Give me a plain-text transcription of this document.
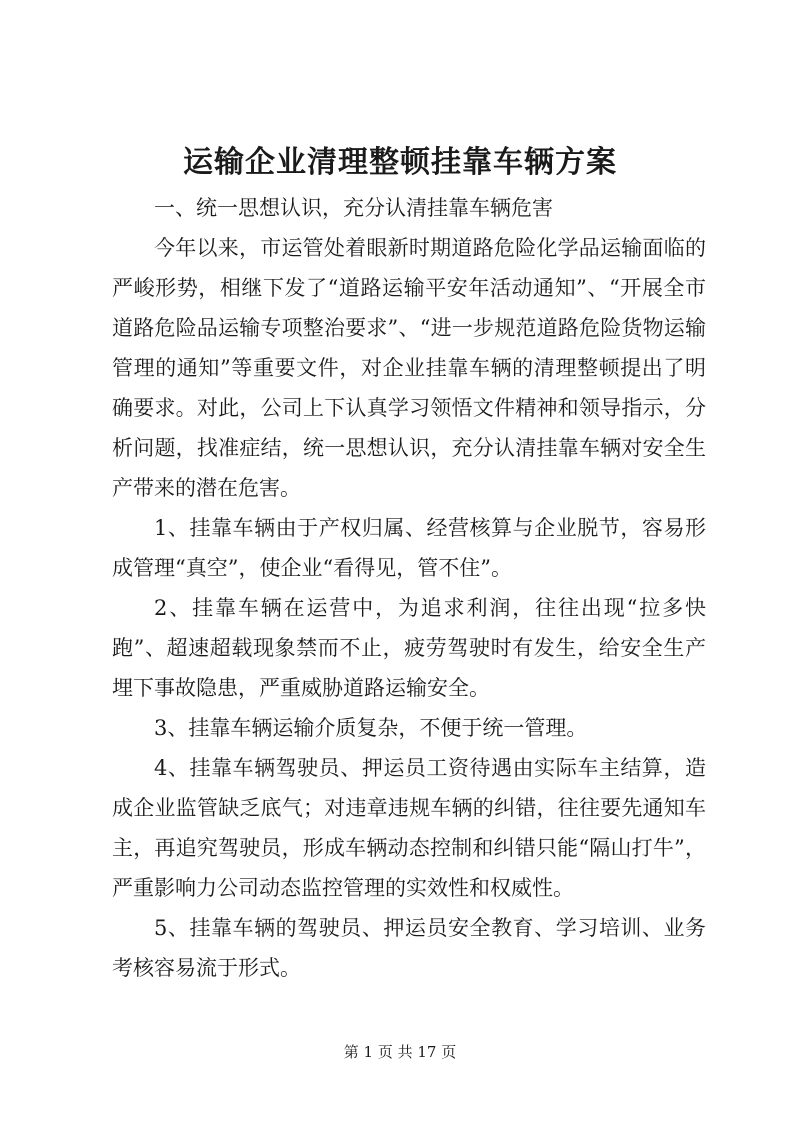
运输企业清理整顿挂靠车辆方案

一、统一思想认识，充分认清挂靠车辆危害

今年以来，市运管处着眼新时期道路危险化学品运输面临的严峻形势，相继下发了“道路运输平安年活动通知”、“开展全市道路危险品运输专项整治要求”、“进一步规范道路危险货物运输管理的通知”等重要文件，对企业挂靠车辆的清理整顿提出了明确要求。对此，公司上下认真学习领悟文件精神和领导指示，分析问题，找准症结，统一思想认识，充分认清挂靠车辆对安全生产带来的潜在危害。

1、挂靠车辆由于产权归属、经营核算与企业脱节，容易形成管理“真空”，使企业“看得见，管不住”。

2、挂靠车辆在运营中，为追求利润，往往出现“拉多快跑”、超速超载现象禁而不止，疲劳驾驶时有发生，给安全生产埋下事故隐患，严重威胁道路运输安全。

3、挂靠车辆运输介质复杂，不便于统一管理。

4、挂靠车辆驾驶员、押运员工资待遇由实际车主结算，造成企业监管缺乏底气；对违章违规车辆的纠错，往往要先通知车主，再追究驾驶员，形成车辆动态控制和纠错只能“隔山打牛”，严重影响力公司动态监控管理的实效性和权威性。

5、挂靠车辆的驾驶员、押运员安全教育、学习培训、业务考核容易流于形式。

第 1 页 共 17 页
